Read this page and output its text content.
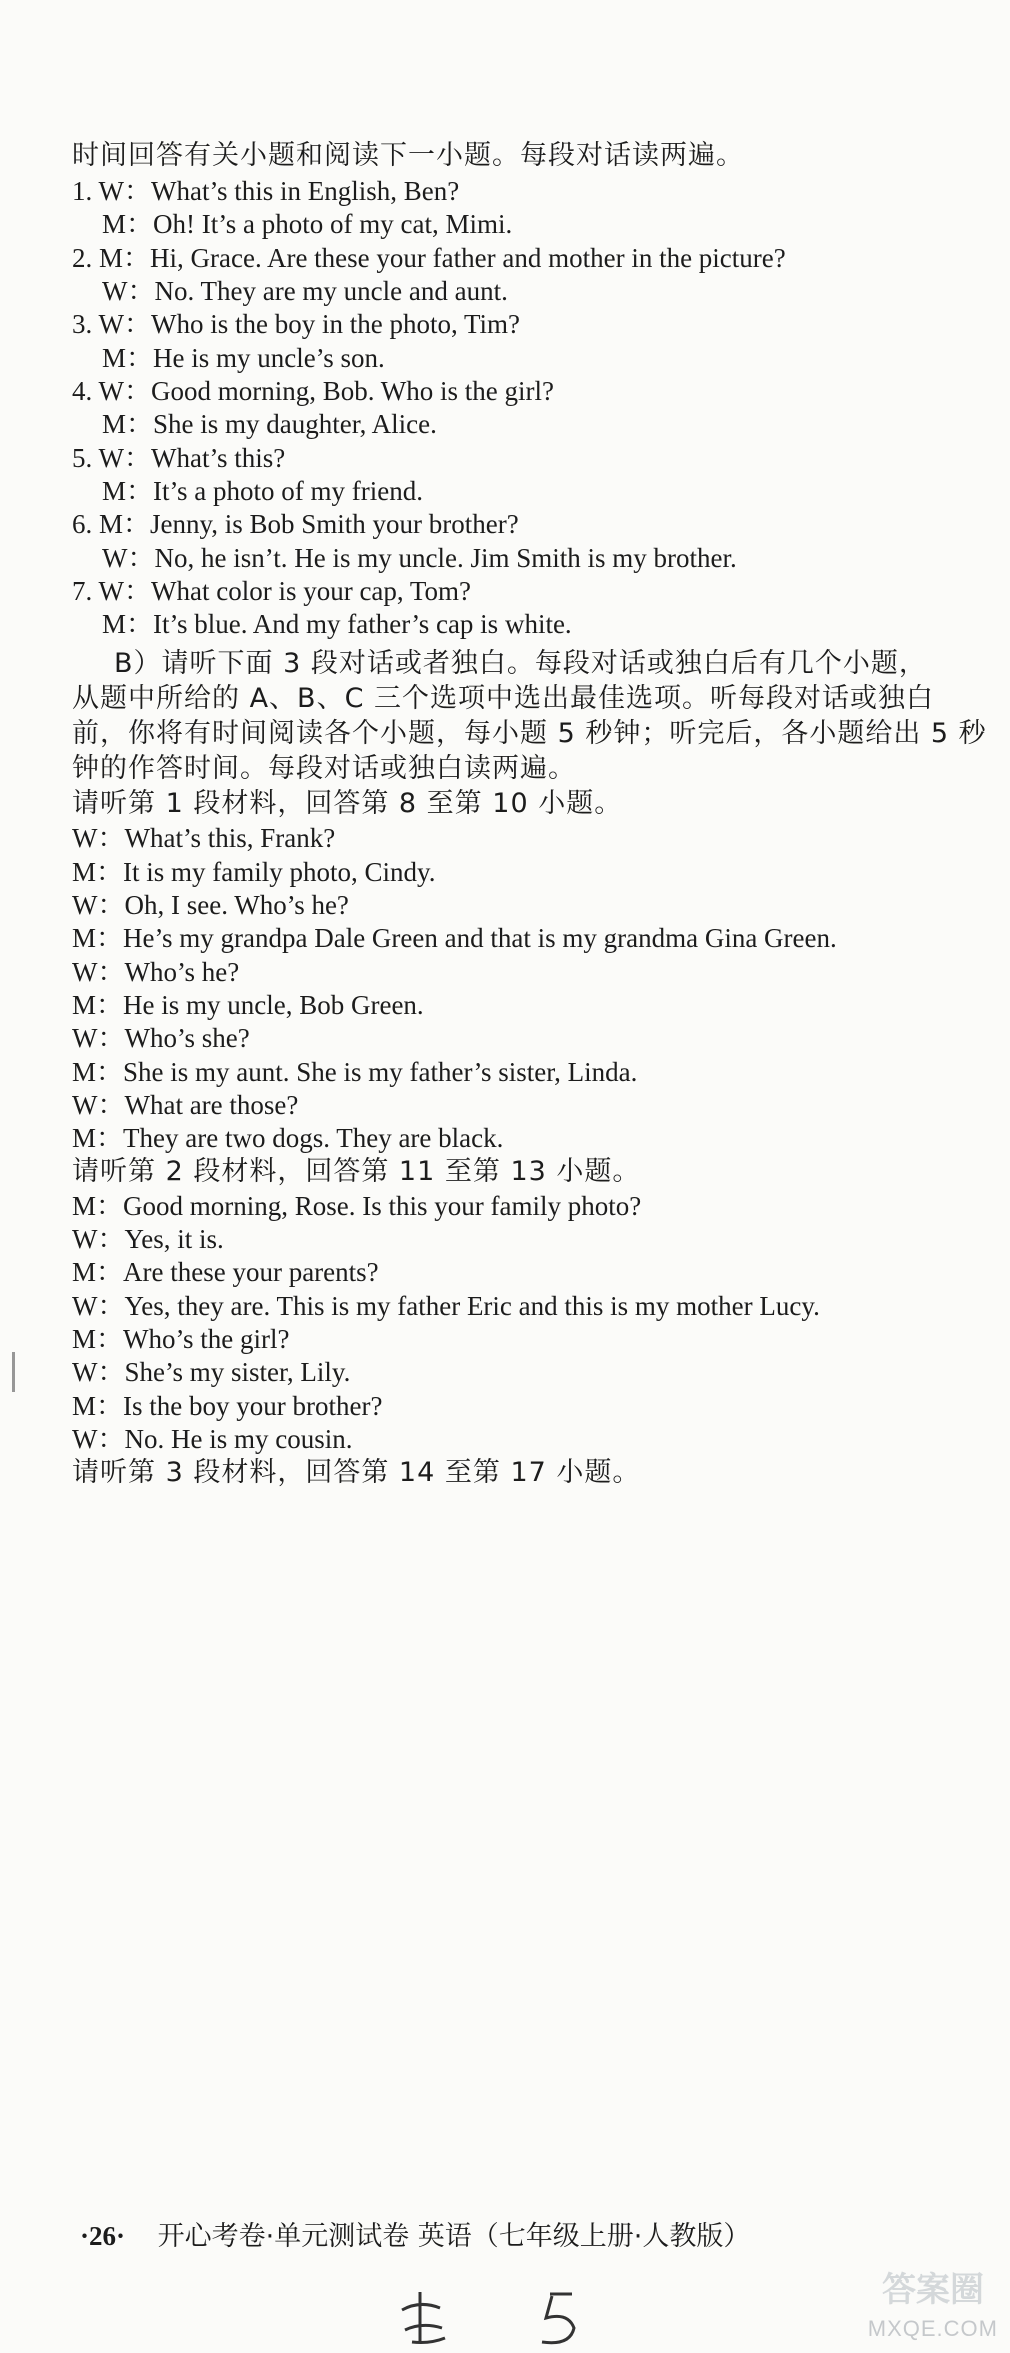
时间回答有关小题和阅读下一小题。每段对话读两遍。
1. W：What’s this in English, Ben?
M：Oh! It’s a photo of my cat, Mimi.
2. M：Hi, Grace. Are these your father and mother in the picture?
W：No. They are my uncle and aunt.
3. W：Who is the boy in the photo, Tim?
M：He is my uncle’s son.
4. W：Good morning, Bob. Who is the girl?
M：She is my daughter, Alice.
5. W：What’s this?
M：It’s a photo of my friend.
6. M：Jenny, is Bob Smith your brother?
W：No, he isn’t. He is my uncle. Jim Smith is my brother.
7. W：What color is your cap, Tom?
M：It’s blue. And my father’s cap is white.
B）请听下面 3 段对话或者独白。每段对话或独白后有几个小题，
从题中所给的 A、B、C 三个选项中选出最佳选项。听每段对话或独白
前，你将有时间阅读各个小题，每小题 5 秒钟；听完后，各小题给出 5 秒
钟的作答时间。每段对话或独白读两遍。
请听第 1 段材料，回答第 8 至第 10 小题。
W：What’s this, Frank?
M：It is my family photo, Cindy.
W：Oh, I see. Who’s he?
M：He’s my grandpa Dale Green and that is my grandma Gina Green.
W：Who’s he?
M：He is my uncle, Bob Green.
W：Who’s she?
M：She is my aunt. She is my father’s sister, Linda.
W：What are those?
M：They are two dogs. They are black.
请听第 2 段材料，回答第 11 至第 13 小题。
M：Good morning, Rose. Is this your family photo?
W：Yes, it is.
M：Are these your parents?
W：Yes, they are. This is my father Eric and this is my mother Lucy.
M：Who’s the girl?
W：She’s my sister, Lily.
M：Is the boy your brother?
W：No. He is my cousin.
请听第 3 段材料，回答第 14 至第 17 小题。
·26· 开心考卷·单元测试卷 英语（七年级上册·人教版）
答案圈
MXQE.COM
